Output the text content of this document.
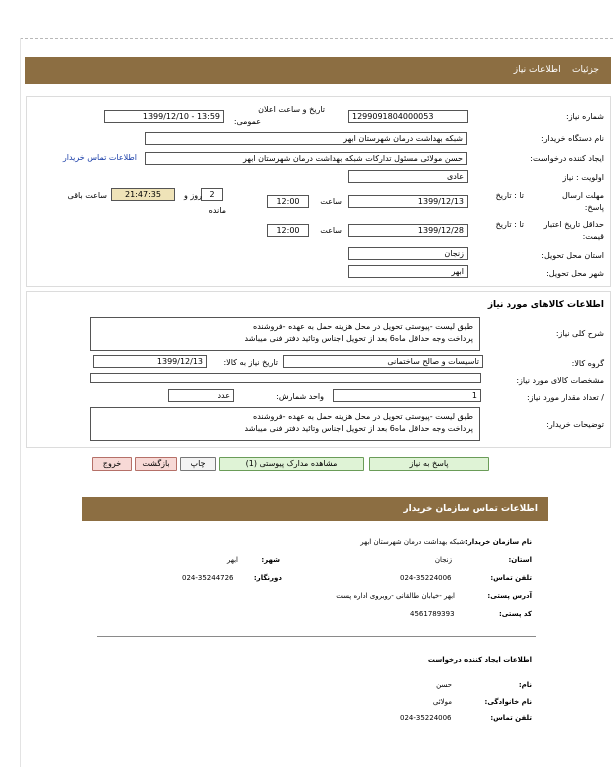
جزئیات    اطلاعات نیاز
شماره نیاز:
1299091804000053
تاریخ و ساعت اعلان
عمومی:
1399/12/10 - 13:59
نام دستگاه خریدار:
شبکه بهداشت درمان شهرستان ابهر
ایجاد کننده درخواست:
حسن مولائی مسئول تدارکات شبکه بهداشت درمان شهرستان ابهر
اطلاعات تماس خریدار
اولویت : نیاز
عادی
مهلت ارسال
پاسخ:
تا : تاریخ
1399/12/13
ساعت
12:00
2
روز و
مانده
21:47:35
ساعت باقی
حداقل تاریخ اعتبار
قیمت:
تا : تاریخ
1399/12/28
ساعت
12:00
استان محل تحویل:
زنجان
شهر محل تحویل:
ابهر
اطلاعات کالاهای مورد نیاز
شرح کلی نیاز:
طبق لیست -پیوستی تحویل در محل هزینه حمل به عهده -فروشنده
پرداخت وجه حداقل ماه6 بعد از تحویل اجناس وتائید دفتر فنی میباشد
گروه کالا:
تاسیسات و صالح ساختمانی
تاریخ نیاز به کالا:
1399/12/13
مشخصات کالای مورد نیاز:
/ تعداد مقدار مورد نیاز:
1
واحد شمارش:
عدد
توضیحات خریدار:
طبق لیست -پیوستی تحویل در محل هزینه حمل به عهده -فروشنده
پرداخت وجه حداقل ماه6 بعد از تحویل اجناس وتائید دفتر فنی میباشد
پاسخ به نیاز
مشاهده مدارک پیوستی (1)
چاپ
بازگشت
خروج
اطلاعات تماس سازمان خریدار
نام سازمان خریدار:
شبکه بهداشت درمان شهرستان ابهر
استان:
زنجان
شهر:
ابهر
تلفن تماس:
024-35224006
دورنگار:
024-35244726
آدرس پستی:
ابهر -خیابان طالقانی -روبروی اداره پست
کد پستی:
4561789393
اطلاعات ایجاد کننده درخواست
نام:
حسن
نام خانوادگی:
مولائی
تلفن تماس:
024-35224006
